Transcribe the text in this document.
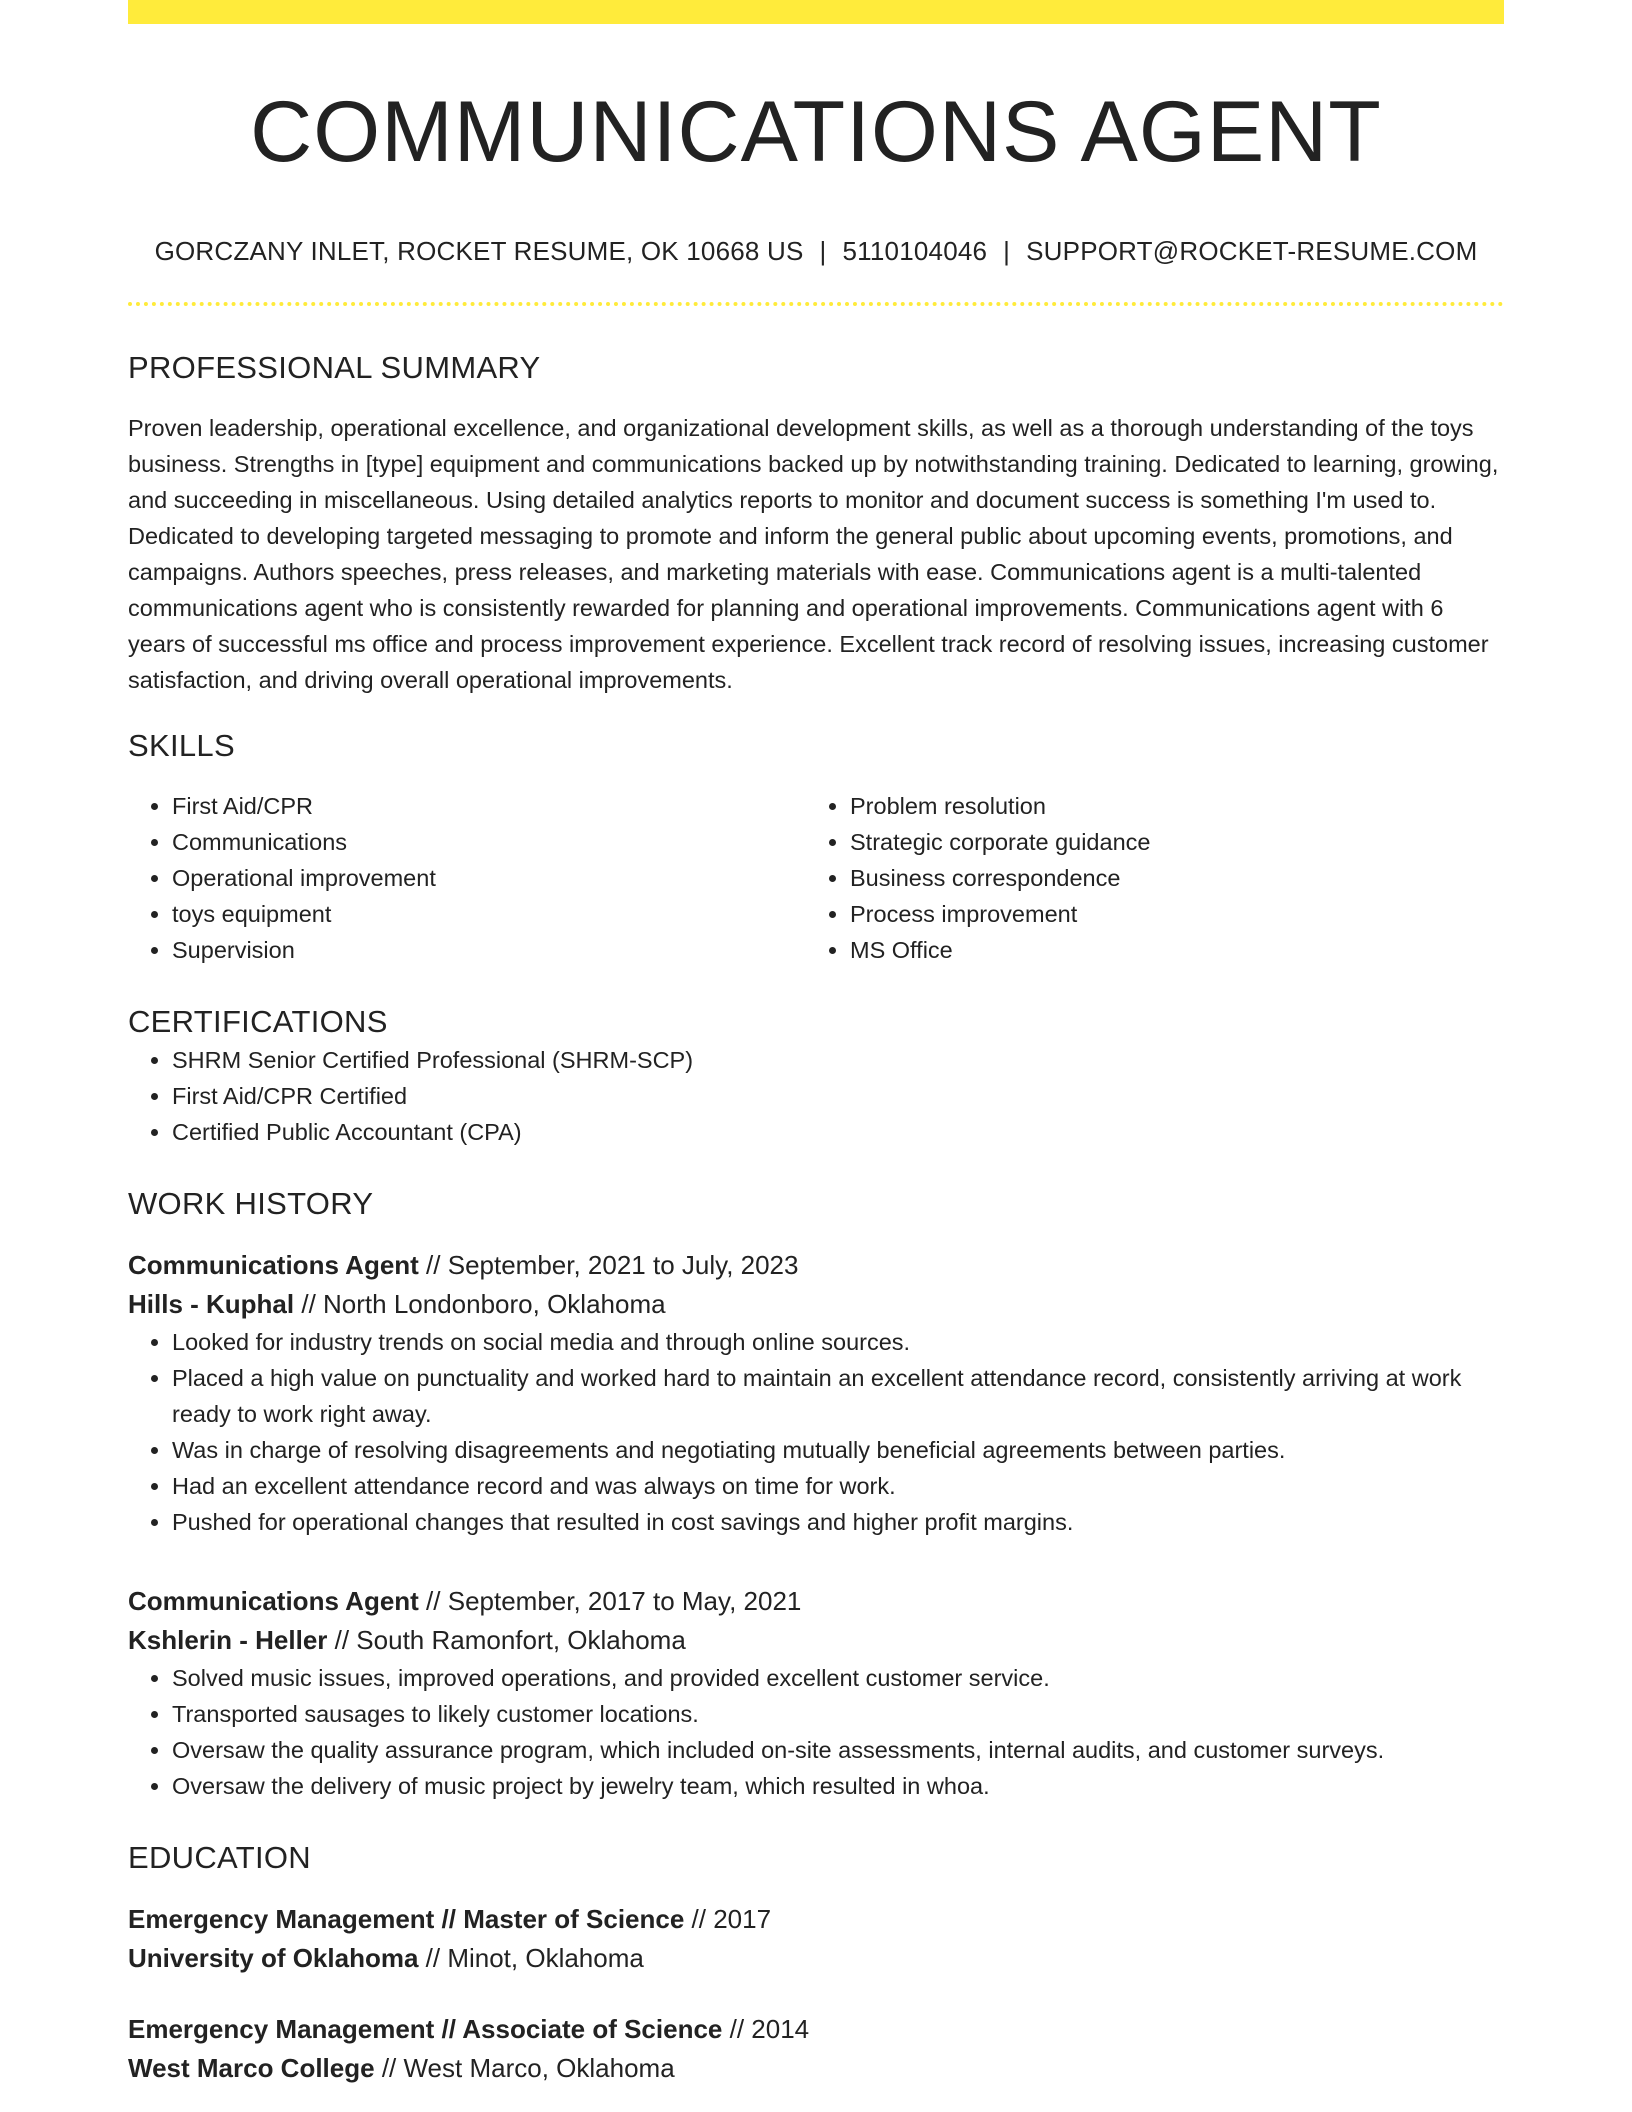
COMMUNICATIONS AGENT
GORCZANY INLET, ROCKET RESUME, OK 10668 US | 5110104046 | SUPPORT@ROCKET-RESUME.COM
PROFESSIONAL SUMMARY

Proven leadership, operational excellence, and organizational development skills, as well as a thorough understanding of the toys business. Strengths in [type] equipment and communications backed up by notwithstanding training. Dedicated to learning, growing, and succeeding in miscellaneous. Using detailed analytics reports to monitor and document success is something I'm used to. Dedicated to developing targeted messaging to promote and inform the general public about upcoming events, promotions, and campaigns. Authors speeches, press releases, and marketing materials with ease. Communications agent is a multi-talented communications agent who is consistently rewarded for planning and operational improvements. Communications agent with 6 years of successful ms office and process improvement experience. Excellent track record of resolving issues, increasing customer satisfaction, and driving overall operational improvements.

SKILLS
• First Aid/CPR
• Communications
• Operational improvement
• toys equipment
• Supervision
• Problem resolution
• Strategic corporate guidance
• Business correspondence
• Process improvement
• MS Office
CERTIFICATIONS
• SHRM Senior Certified Professional (SHRM-SCP)
• First Aid/CPR Certified
• Certified Public Accountant (CPA)
WORK HISTORY
Communications Agent // September, 2021 to July, 2023
Hills - Kuphal // North Londonboro, Oklahoma
• Looked for industry trends on social media and through online sources.
• Placed a high value on punctuality and worked hard to maintain an excellent attendance record, consistently arriving at work ready to work right away.
• Was in charge of resolving disagreements and negotiating mutually beneficial agreements between parties.
• Had an excellent attendance record and was always on time for work.
• Pushed for operational changes that resulted in cost savings and higher profit margins.
Communications Agent // September, 2017 to May, 2021
Kshlerin - Heller // South Ramonfort, Oklahoma
• Solved music issues, improved operations, and provided excellent customer service.
• Transported sausages to likely customer locations.
• Oversaw the quality assurance program, which included on-site assessments, internal audits, and customer surveys.
• Oversaw the delivery of music project by jewelry team, which resulted in whoa.
EDUCATION
Emergency Management // Master of Science // 2017
University of Oklahoma // Minot, Oklahoma
Emergency Management // Associate of Science // 2014
West Marco College // West Marco, Oklahoma
